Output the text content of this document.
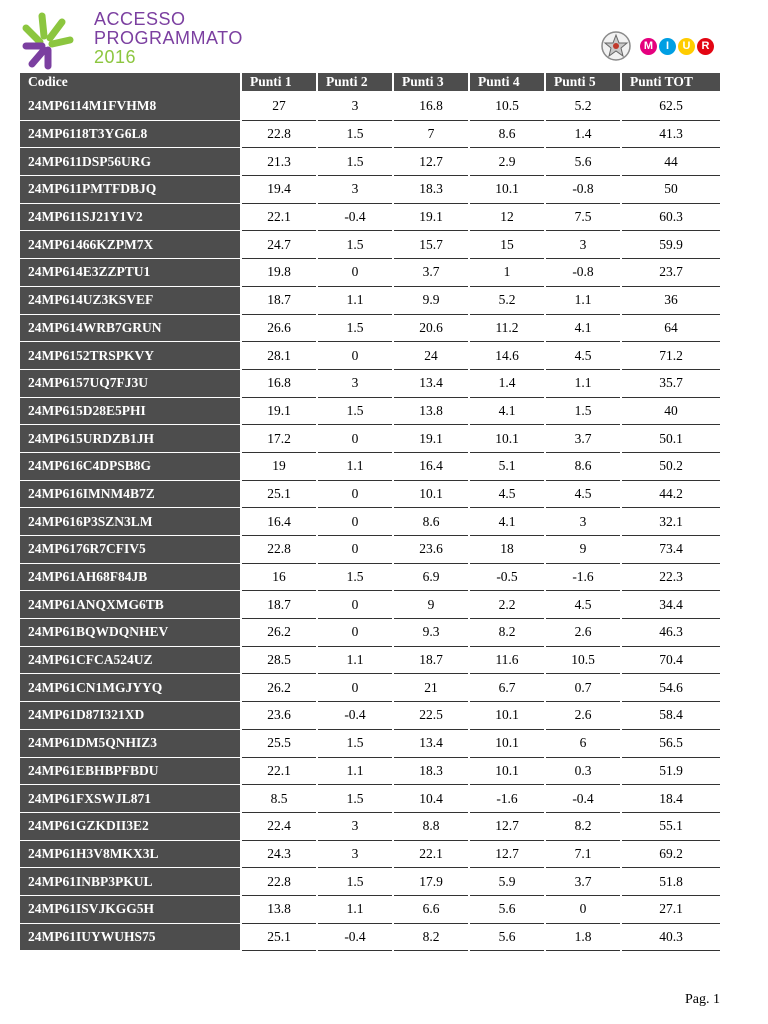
ACCESSO
PROGRAMMATO
2016
M	I	U	R
Codice	Punti 1	Punti 2	Punti 3	Punti 4	Punti 5	Punti TOT
24MP6114M1FVHM8	27	3	16.8	10.5	5.2	62.5
24MP6118T3YG6L8	22.8	1.5	7	8.6	1.4	41.3
24MP611DSP56URG	21.3	1.5	12.7	2.9	5.6	44
24MP611PMTFDBJQ	19.4	3	18.3	10.1	-0.8	50
24MP611SJ21Y1V2	22.1	-0.4	19.1	12	7.5	60.3
24MP61466KZPM7X	24.7	1.5	15.7	15	3	59.9
24MP614E3ZZPTU1	19.8	0	3.7	1	-0.8	23.7
24MP614UZ3KSVEF	18.7	1.1	9.9	5.2	1.1	36
24MP614WRB7GRUN	26.6	1.5	20.6	11.2	4.1	64
24MP6152TRSPKVY	28.1	0	24	14.6	4.5	71.2
24MP6157UQ7FJ3U	16.8	3	13.4	1.4	1.1	35.7
24MP615D28E5PHI	19.1	1.5	13.8	4.1	1.5	40
24MP615URDZB1JH	17.2	0	19.1	10.1	3.7	50.1
24MP616C4DPSB8G	19	1.1	16.4	5.1	8.6	50.2
24MP616IMNM4B7Z	25.1	0	10.1	4.5	4.5	44.2
24MP616P3SZN3LM	16.4	0	8.6	4.1	3	32.1
24MP6176R7CFIV5	22.8	0	23.6	18	9	73.4
24MP61AH68F84JB	16	1.5	6.9	-0.5	-1.6	22.3
24MP61ANQXMG6TB	18.7	0	9	2.2	4.5	34.4
24MP61BQWDQNHEV	26.2	0	9.3	8.2	2.6	46.3
24MP61CFCA524UZ	28.5	1.1	18.7	11.6	10.5	70.4
24MP61CN1MGJYYQ	26.2	0	21	6.7	0.7	54.6
24MP61D87I321XD	23.6	-0.4	22.5	10.1	2.6	58.4
24MP61DM5QNHIZ3	25.5	1.5	13.4	10.1	6	56.5
24MP61EBHBPFBDU	22.1	1.1	18.3	10.1	0.3	51.9
24MP61FXSWJL871	8.5	1.5	10.4	-1.6	-0.4	18.4
24MP61GZKDII3E2	22.4	3	8.8	12.7	8.2	55.1
24MP61H3V8MKX3L	24.3	3	22.1	12.7	7.1	69.2
24MP61INBP3PKUL	22.8	1.5	17.9	5.9	3.7	51.8
24MP61ISVJKGG5H	13.8	1.1	6.6	5.6	0	27.1
24MP61IUYWUHS75	25.1	-0.4	8.2	5.6	1.8	40.3
Pag. 1
